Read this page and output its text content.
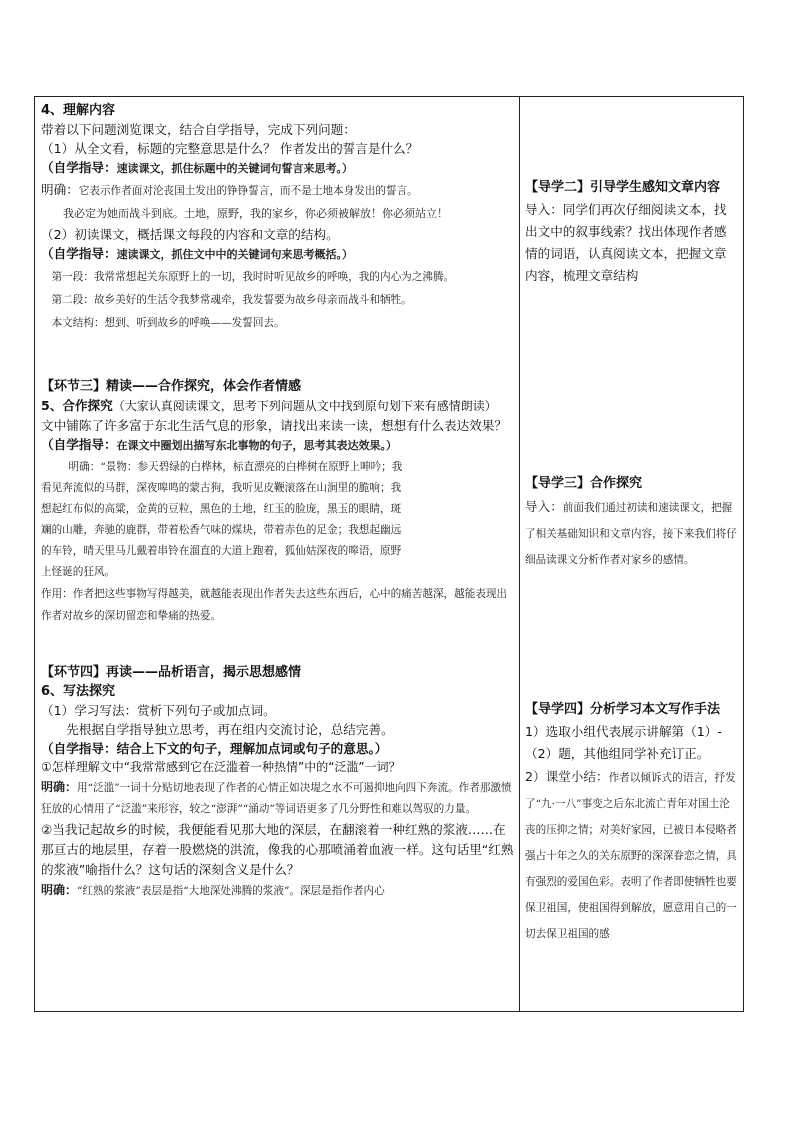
4、理解内容

带着以下问题浏览课文，结合自学指导，完成下列问题：

（1）从全文看，标题的完整意思是什么？ 作者发出的誓言是什么？

（自学指导：速读课文，抓住标题中的关键词句誓言来思考。）

明确：它表示作者面对沦丧国土发出的铮铮誓言，而不是土地本身发出的誓言。

我必定为她而战斗到底。土地，原野，我的家乡，你必须被解放！你必须站立！

（2）初读课文，概括课文每段的内容和文章的结构。

（自学指导：速读课文，抓住文中中的关键词句来思考概括。）

第一段：我常常想起关东原野上的一切，我时时听见故乡的呼唤，我的内心为之沸腾。

第二段：故乡美好的生活令我梦常魂牵，我发誓要为故乡母亲而战斗和牺牲。

本文结构：想到、听到故乡的呼唤——发誓回去。

【环节三】精读——合作探究，体会作者情感

5、合作探究（大家认真阅读课文，思考下列问题从文中找到原句划下来有感情朗读）

文中铺陈了许多富于东北生活气息的形象，请找出来读一读，想想有什么表达效果？

（自学指导：在课文中圈划出描写东北事物的句子，思考其表达效果。）

明确：“景物：参天碧绿的白桦林，标直漂亮的白桦树在原野上呻吟；我

看见奔流似的马群，深夜嗥鸣的蒙古狗，我听见皮鞭滚落在山涧里的脆响；我

想起红布似的高粱，金黄的豆粒，黑色的土地，红玉的脸庞，黑玉的眼睛，斑

斓的山雕，奔驰的鹿群，带着松香气味的煤块，带着赤色的足金；我想起幽远

的车铃，晴天里马儿戴着串铃在溜直的大道上跑着，狐仙姑深夜的嗥语，原野

上怪诞的狂风。

作用：作者把这些事物写得越美，就越能表现出作者失去这些东西后，心中的痛苦越深，越能表现出作者对故乡的深切留恋和挚痛的热爱。

【环节四】再读——品析语言，揭示思想感情

6、写法探究

（1）学习写法：赏析下列句子或加点词。

先根据自学指导独立思考，再在组内交流讨论，总结完善。

（自学指导：结合上下文的句子，理解加点词或句子的意思。）

①怎样理解文中“我常常感到它在泛滥着一种热情”中的“泛滥”一词？

明确：用“泛滥”一词十分贴切地表现了作者的心情正如决堤之水不可遏抑地向四下奔流。作者那激愤狂放的心情用了“泛滥”来形容，较之“澎湃”“涌动”等词语更多了几分野性和难以驾驭的力量。

②当我记起故乡的时候，我便能看见那大地的深层，在翻滚着一种红熟的浆液……在那亘古的地层里，存着一股燃烧的洪流，像我的心那喷涌着血液一样。这句话里“红熟的浆液”喻指什么？这句话的深刻含义是什么？

明确：“红熟的浆液”表层是指“大地深处沸腾的浆液”。深层是指作者内心

【导学二】引导学生感知文章内容

导入：同学们再次仔细阅读文本，找出文中的叙事线索？找出体现作者感情的词语，认真阅读文本，把握文章内容，梳理文章结构

【导学三】合作探究

导入：前面我们通过初读和速读课文，把握了相关基础知识和文章内容，接下来我们将仔细品读课文分析作者对家乡的感情。

【导学四】分析学习本文写作手法

1）选取小组代表展示讲解第（1）-（2）题，其他组同学补充订正。

2）课堂小结：作者以倾诉式的语言，抒发了“九·一八”事变之后东北流亡青年对国土沦丧的压抑之情；对美好家园，已被日本侵略者强占十年之久的关东原野的深深眷恋之情，具有强烈的爱国色彩。表明了作者即使牺牲也要保卫祖国，使祖国得到解放，愿意用自己的一切去保卫祖国的感
